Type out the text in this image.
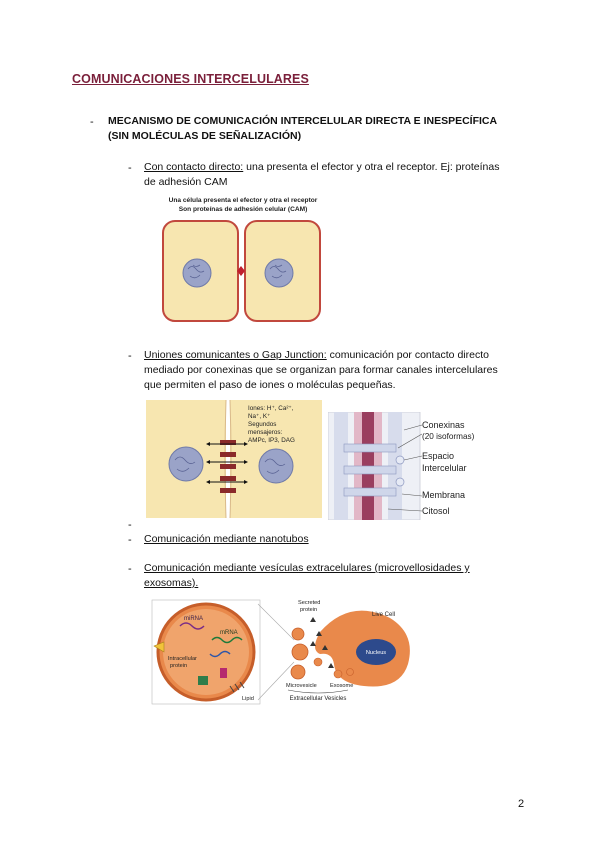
COMUNICACIONES INTERCELULARES
- MECANISMO DE COMUNICACIÓN INTERCELULAR DIRECTA E INESPECÍFICA
(SIN MOLÉCULAS DE SEÑALIZACIÓN)
- Con contacto directo: una presenta el efector y otra el receptor. Ej: proteínas
de adhesión CAM
Una célula presenta el efector y otra el receptor
Son proteínas de adhesión celular (CAM)
- Uniones comunicantes o Gap Junction: comunicación por contacto directo
mediado por conexinas que se organizan para formar canales intercelulares
que permiten el paso de iones o moléculas pequeñas.
Iones: H⁺, Ca²⁺,
Na⁺, K⁺
Segundos
mensajeros:
AMPc, IP3, DAG
Conexinas
(20 isoformas)
Espacio
Intercelular
Membrana
Citosol
-
- Comunicación mediante nanotubos
- Comunicación mediante vesículas extracelulares (microvellosidades y
exosomas).
miRNA
mRNA
Intracellular
protein
Lipid
Nucleus
Live Cell
Secreted
protein
Microvesicle Exosome
Extracellular Vesicles
2
